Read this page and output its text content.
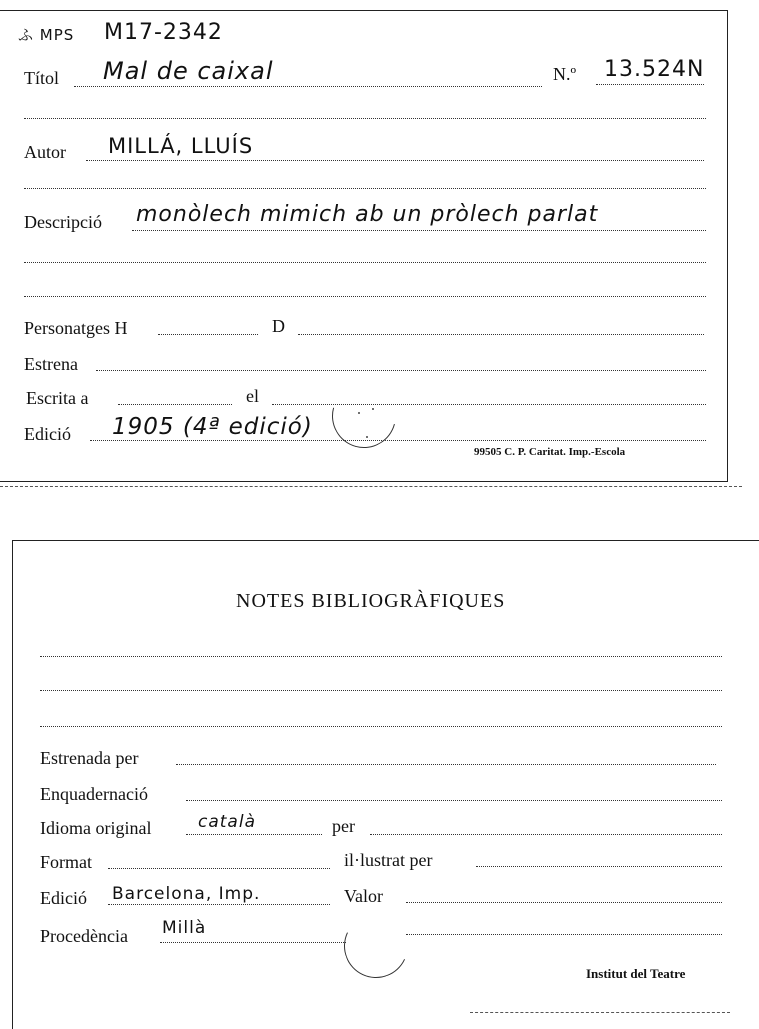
ふ MPS M17-2342
Títol Mal de caixal	N.º 13.524N
Autor MILLÁ, LLUÍS
Descripció monòlech mimich ab un pròlech parlat
Personatges H	D
Estrena
Escrita a	el
Edició 1905 (4ª edició)
99505 C. P. Caritat. Imp.-Escola
NOTES BIBLIOGRÀFIQUES
Estrenada per
Enquadernació
Idioma original	català	per
Format	il·lustrat per
Edició Barcelona, Imp.	Valor
Procedència Millà
Institut del Teatre
